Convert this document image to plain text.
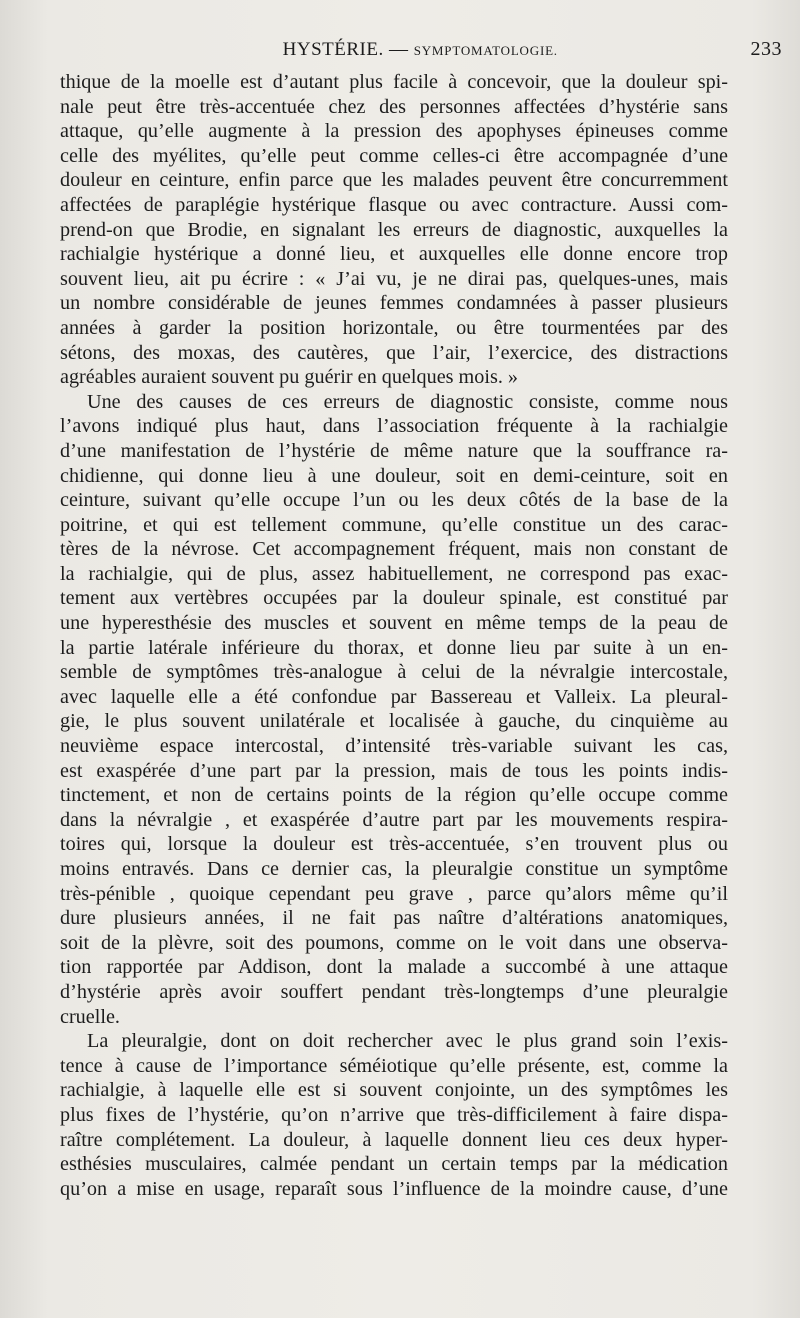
HYSTÉRIE. — SYMPTOMATOLOGIE.	233
thique de la moelle est d’autant plus facile à concevoir, que la douleur spi-
nale peut être très-accentuée chez des personnes affectées d’hystérie sans
attaque, qu’elle augmente à la pression des apophyses épineuses comme
celle des myélites, qu’elle peut comme celles-ci être accompagnée d’une
douleur en ceinture, enfin parce que les malades peuvent être concurremment
affectées de paraplégie hystérique flasque ou avec contracture. Aussi com-
prend-on que Brodie, en signalant les erreurs de diagnostic, auxquelles la
rachialgie hystérique a donné lieu, et auxquelles elle donne encore trop
souvent lieu, ait pu écrire : « J’ai vu, je ne dirai pas, quelques-unes, mais
un nombre considérable de jeunes femmes condamnées à passer plusieurs
années à garder la position horizontale, ou être tourmentées par des
sétons, des moxas, des cautères, que l’air, l’exercice, des distractions
agréables auraient souvent pu guérir en quelques mois. »
Une des causes de ces erreurs de diagnostic consiste, comme nous
l’avons indiqué plus haut, dans l’association fréquente à la rachialgie
d’une manifestation de l’hystérie de même nature que la souffrance ra-
chidienne, qui donne lieu à une douleur, soit en demi-ceinture, soit en
ceinture, suivant qu’elle occupe l’un ou les deux côtés de la base de la
poitrine, et qui est tellement commune, qu’elle constitue un des carac-
tères de la névrose. Cet accompagnement fréquent, mais non constant de
la rachialgie, qui de plus, assez habituellement, ne correspond pas exac-
tement aux vertèbres occupées par la douleur spinale, est constitué par
une hyperesthésie des muscles et souvent en même temps de la peau de
la partie latérale inférieure du thorax, et donne lieu par suite à un en-
semble de symptômes très-analogue à celui de la névralgie intercostale,
avec laquelle elle a été confondue par Bassereau et Valleix. La pleural-
gie, le plus souvent unilatérale et localisée à gauche, du cinquième au
neuvième espace intercostal, d’intensité très-variable suivant les cas,
est exaspérée d’une part par la pression, mais de tous les points indis-
tinctement, et non de certains points de la région qu’elle occupe comme
dans la névralgie , et exaspérée d’autre part par les mouvements respira-
toires qui, lorsque la douleur est très-accentuée, s’en trouvent plus ou
moins entravés. Dans ce dernier cas, la pleuralgie constitue un symptôme
très-pénible , quoique cependant peu grave , parce qu’alors même qu’il
dure plusieurs années, il ne fait pas naître d’altérations anatomiques,
soit de la plèvre, soit des poumons, comme on le voit dans une observa-
tion rapportée par Addison, dont la malade a succombé à une attaque
d’hystérie après avoir souffert pendant très-longtemps d’une pleuralgie
cruelle.
La pleuralgie, dont on doit rechercher avec le plus grand soin l’exis-
tence à cause de l’importance séméiotique qu’elle présente, est, comme la
rachialgie, à laquelle elle est si souvent conjointe, un des symptômes les
plus fixes de l’hystérie, qu’on n’arrive que très-difficilement à faire dispa-
raître complétement. La douleur, à laquelle donnent lieu ces deux hyper-
esthésies musculaires, calmée pendant un certain temps par la médication
qu’on a mise en usage, reparaît sous l’influence de la moindre cause, d’une
